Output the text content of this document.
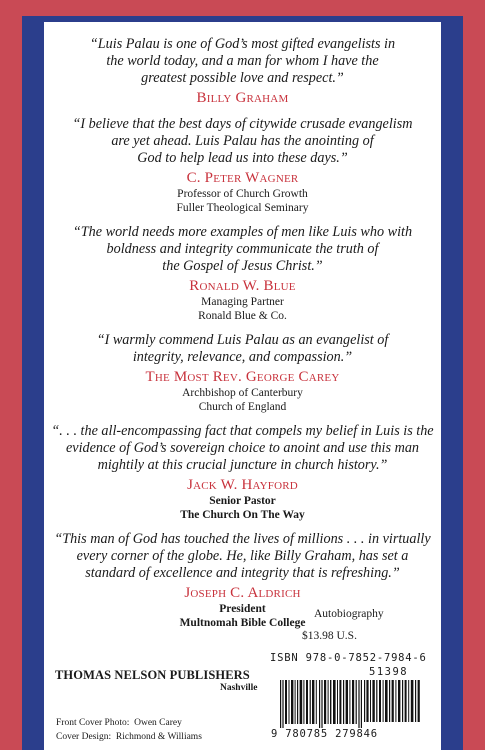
“Luis Palau is one of God’s most gifted evangelists in
the world today, and a man for whom I have the
greatest possible love and respect.”
Billy Graham
“I believe that the best days of citywide crusade evangelism
are yet ahead. Luis Palau has the anointing of
God to help lead us into these days.”
C. Peter Wagner
Professor of Church Growth
Fuller Theological Seminary
“The world needs more examples of men like Luis who with
boldness and integrity communicate the truth of
the Gospel of Jesus Christ.”
Ronald W. Blue
Managing Partner
Ronald Blue & Co.
“I warmly commend Luis Palau as an evangelist of
integrity, relevance, and compassion.”
The Most Rev. George Carey
Archbishop of Canterbury
Church of England
“. . . the all-encompassing fact that compels my belief in Luis is the
evidence of God’s sovereign choice to anoint and use this man
mightily at this crucial juncture in church history.”
Jack W. Hayford
Senior Pastor
The Church On The Way
“This man of God has touched the lives of millions . . . in virtually
every corner of the globe. He, like Billy Graham, has set a
standard of excellence and integrity that is refreshing.”
Joseph C. Aldrich
President
Multnomah Bible College
Autobiography
$13.98 U.S.
ISBN 978-0-7852-7984-6
51398
9 780785 279846
THOMAS NELSON PUBLISHERS
Nashville
Front Cover Photo:  Owen Carey
Cover Design:  Richmond & Williams
